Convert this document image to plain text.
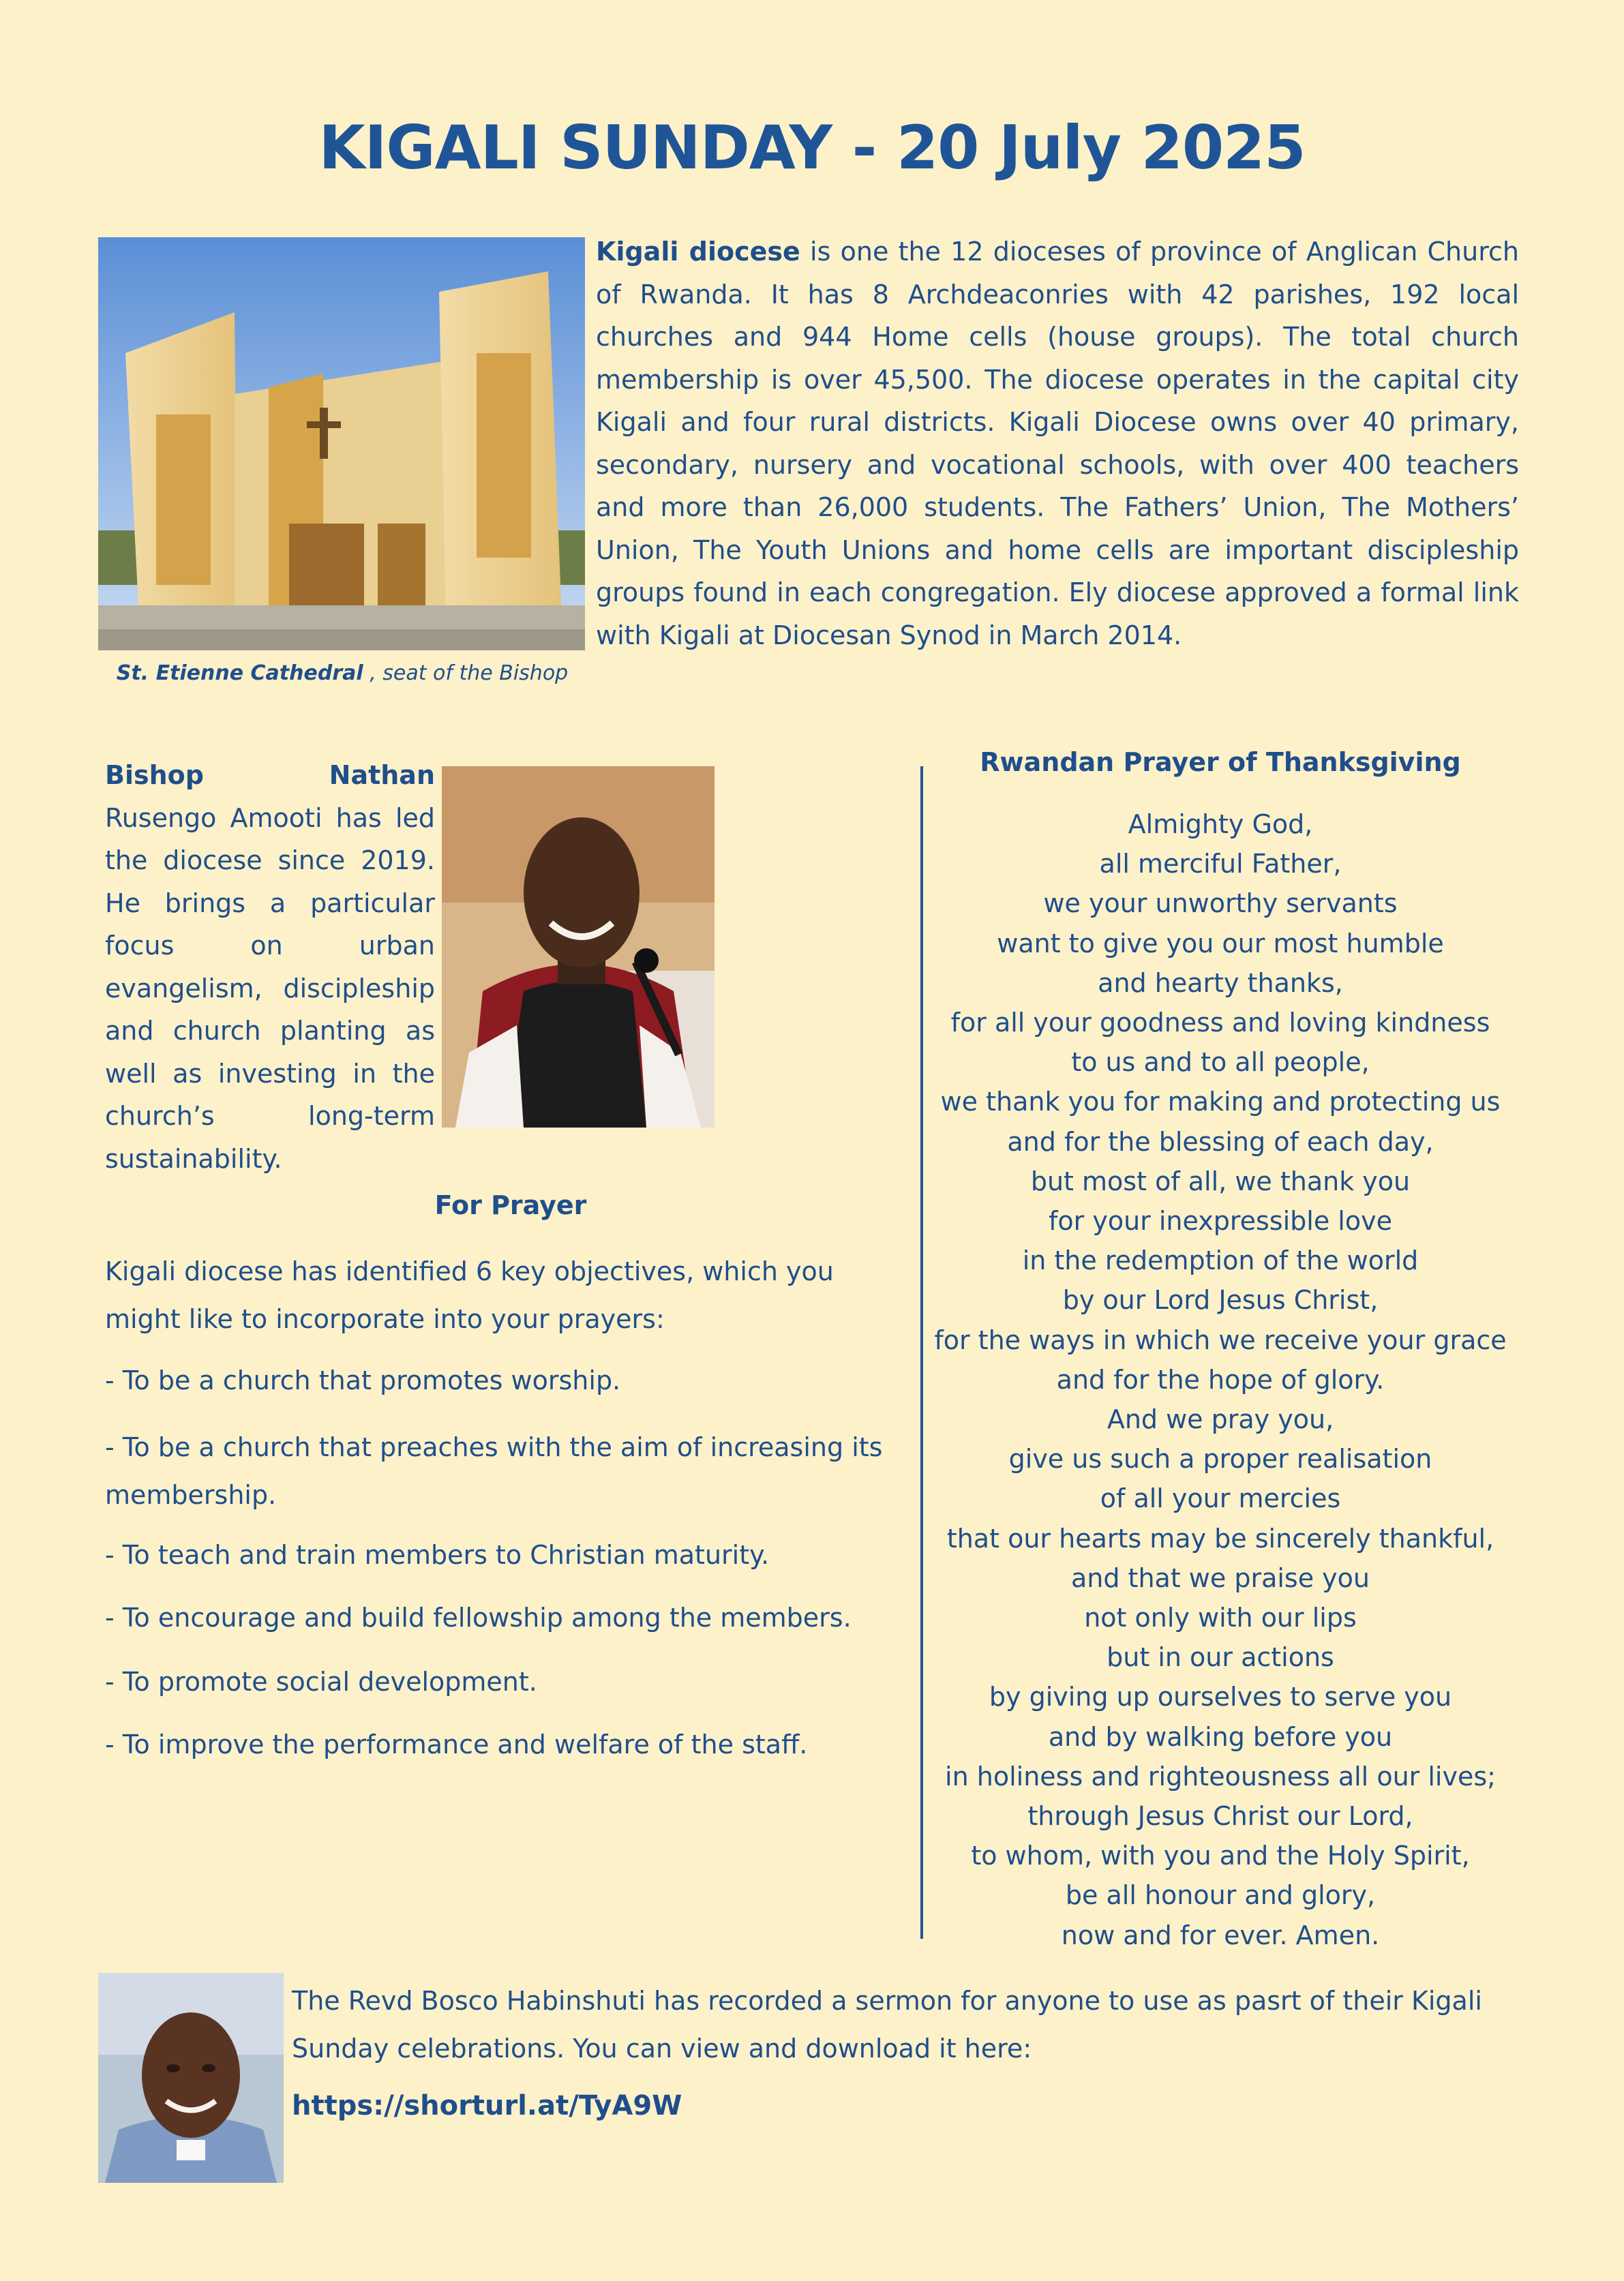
KIGALI SUNDAY - 20 July 2025
Kigali diocese is one the 12 dioceses of province of Anglican Church of Rwanda. It has 8 Archdeaconries with 42 parishes, 192 local churches and 944 Home cells (house groups). The total church membership is over 45,500. The diocese operates in the capital city Kigali and four rural districts. Kigali Diocese owns over 40 primary, secondary, nursery and vocational schools, with over 400 teachers and more than 26,000 students. The Fathers’ Union, The Mothers’ Union, The Youth Unions and home cells are important discipleship groups found in each congregation. Ely diocese approved a formal link with Kigali at Diocesan Synod in March 2014.
St. Etienne Cathedral , seat of the Bishop
Bishop Nathan Rusengo Amooti has led the diocese since 2019. He brings a particular focus on urban evangelism, discipleship and church planting as well as investing in the church’s long-term sustainability.
For Prayer
Kigali diocese has identified 6 key objectives, which you might like to incorporate into your prayers:
- To be a church that promotes worship.
- To be a church that preaches with the aim of increasing its membership.
- To teach and train members to Christian maturity.
- To encourage and build fellowship among the members.
- To promote social development.
- To improve the performance and welfare of the staff.
Rwandan Prayer of Thanksgiving
Almighty God,
all merciful Father,
we your unworthy servants
want to give you our most humble
and hearty thanks,
for all your goodness and loving kindness
to us and to all people,
we thank you for making and protecting us
and for the blessing of each day,
but most of all, we thank you
for your inexpressible love
in the redemption of the world
by our Lord Jesus Christ,
for the ways in which we receive your grace
and for the hope of glory.
And we pray you,
give us such a proper realisation
of all your mercies
that our hearts may be sincerely thankful,
and that we praise you
not only with our lips
but in our actions
by giving up ourselves to serve you
and by walking before you
in holiness and righteousness all our lives;
through Jesus Christ our Lord,
to whom, with you and the Holy Spirit,
be all honour and glory,
now and for ever. Amen.
The Revd Bosco Habinshuti has recorded a sermon for anyone to use as pasrt of their Kigali Sunday celebrations. You can view and download it here:
https://shorturl.at/TyA9W
